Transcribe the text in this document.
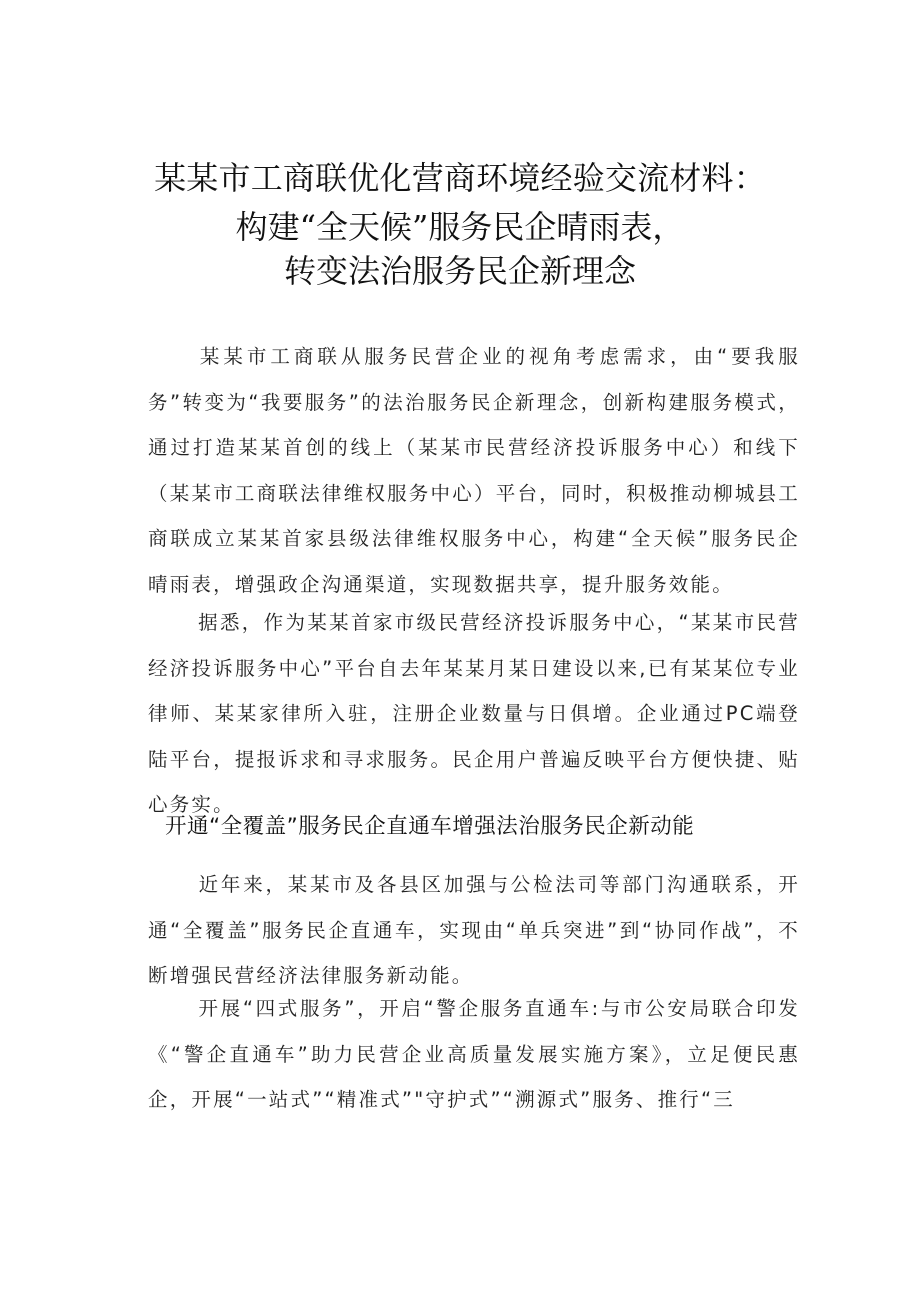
某某市工商联优化营商环境经验交流材料：
构建“全天候”服务民企晴雨表，
转变法治服务民企新理念
某某市工商联从服务民营企业的视角考虑需求，由“要我服务”转变为“我要服务”的法治服务民企新理念，创新构建服务模式，通过打造某某首创的线上（某某市民营经济投诉服务中心）和线下（某某市工商联法律维权服务中心）平台，同时，积极推动柳城县工商联成立某某首家县级法律维权服务中心，构建“全天候”服务民企晴雨表，增强政企沟通渠道，实现数据共享，提升服务效能。
据悉，作为某某首家市级民营经济投诉服务中心，“某某市民营经济投诉服务中心”平台自去年某某月某日建设以来,已有某某位专业律师、某某家律所入驻，注册企业数量与日俱增。企业通过PC端登陆平台，提报诉求和寻求服务。民企用户普遍反映平台方便快捷、贴心务实。
开通“全覆盖”服务民企直通车增强法治服务民企新动能
近年来，某某市及各县区加强与公检法司等部门沟通联系，开通“全覆盖”服务民企直通车，实现由“单兵突进”到“协同作战”，不断增强民营经济法律服务新动能。
开展“四式服务”，开启“警企服务直通车:与市公安局联合印发《“警企直通车”助力民营企业高质量发展实施方案》，立足便民惠企，开展“一站式”“精准式”"守护式”“溯源式”服务、推行“三
